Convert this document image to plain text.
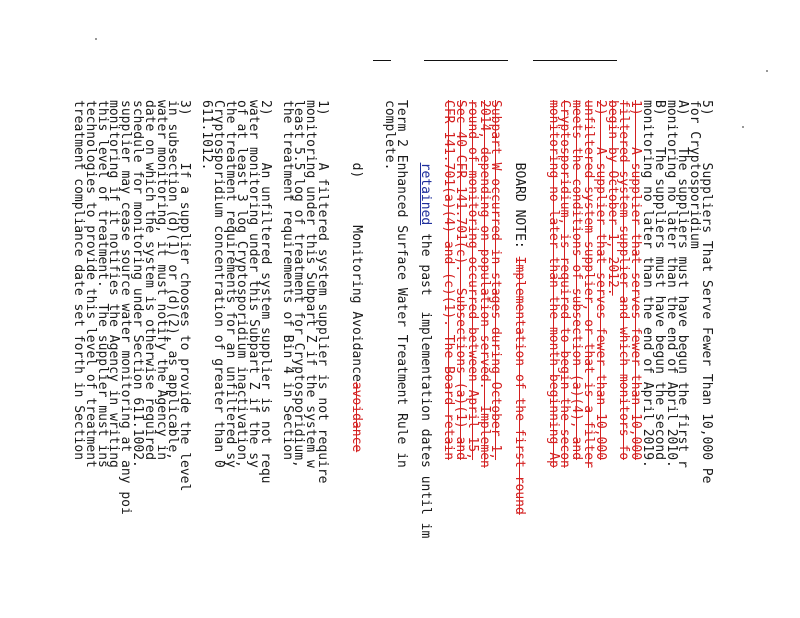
5)      Suppliers That Serve Fewer Than 10,000 Pe
for Cryptosporidium
A)    The suppliers must have begun the first r
monitoring no later than the end of April 2010.
B)    The suppliers must have begun the second
monitoring no later than the end of April 2019.
1)    A supplier that serves fewer than 10,000
filtered system supplier and which monitors fo
begin by October 1, 2012.
2)    A supplier that serves fewer than 10,000
unfiltered system supplier, or that is a filter
meets the conditions of subsection (a)(4), and
Cryptosporidium, is required to begin the secon
monitoring no later than the month beginning Ap

BOARD NOTE: Implementation of the first round

Subpart W occurred in stages during October 1,
2014, depending on population served.  Implemen
round of monitoring occurred between April 15,
Sec 40 CFR 141.701(c).  Subsections (a)(1) and
CFR 141.701(a)(4) and (c)(1). The Board retain

retained the past  implementation dates until im

Term 2 Enhanced Surface Water Treatment Rule in
complete.

d)      Monitoring Avoidanceavoidance

1)      A filtered system supplier is not require
monitoring under this Subpart Z if the system w
least 5.5 log of treatment for Cryptosporidium,
the treatment requirements of Bin 4 in Section
2)      An unfiltered system supplier is not requ
water monitoring under this Subpart Z if the sy
of at least 3 log Cryptosporidium inactivation,
the treatment requirements for an unfiltered sy
Cryptosporidium concentration of greater than 0
611.1012.
3)      If a supplier chooses to provide the level
in subsection (d)(1) or (d)(2), as applicable,
water monitoring, it must notify the Agency in
date on which the system is otherwise required
schedule for monitoring under Section 611.1002.
supplier may cease source water monitoring at any poi
monitoring if it notifies the Agency in writing
this level of treatment.  The supplier must ins
technologies to provide this level of treatment
treatment compliance date set forth in Section
